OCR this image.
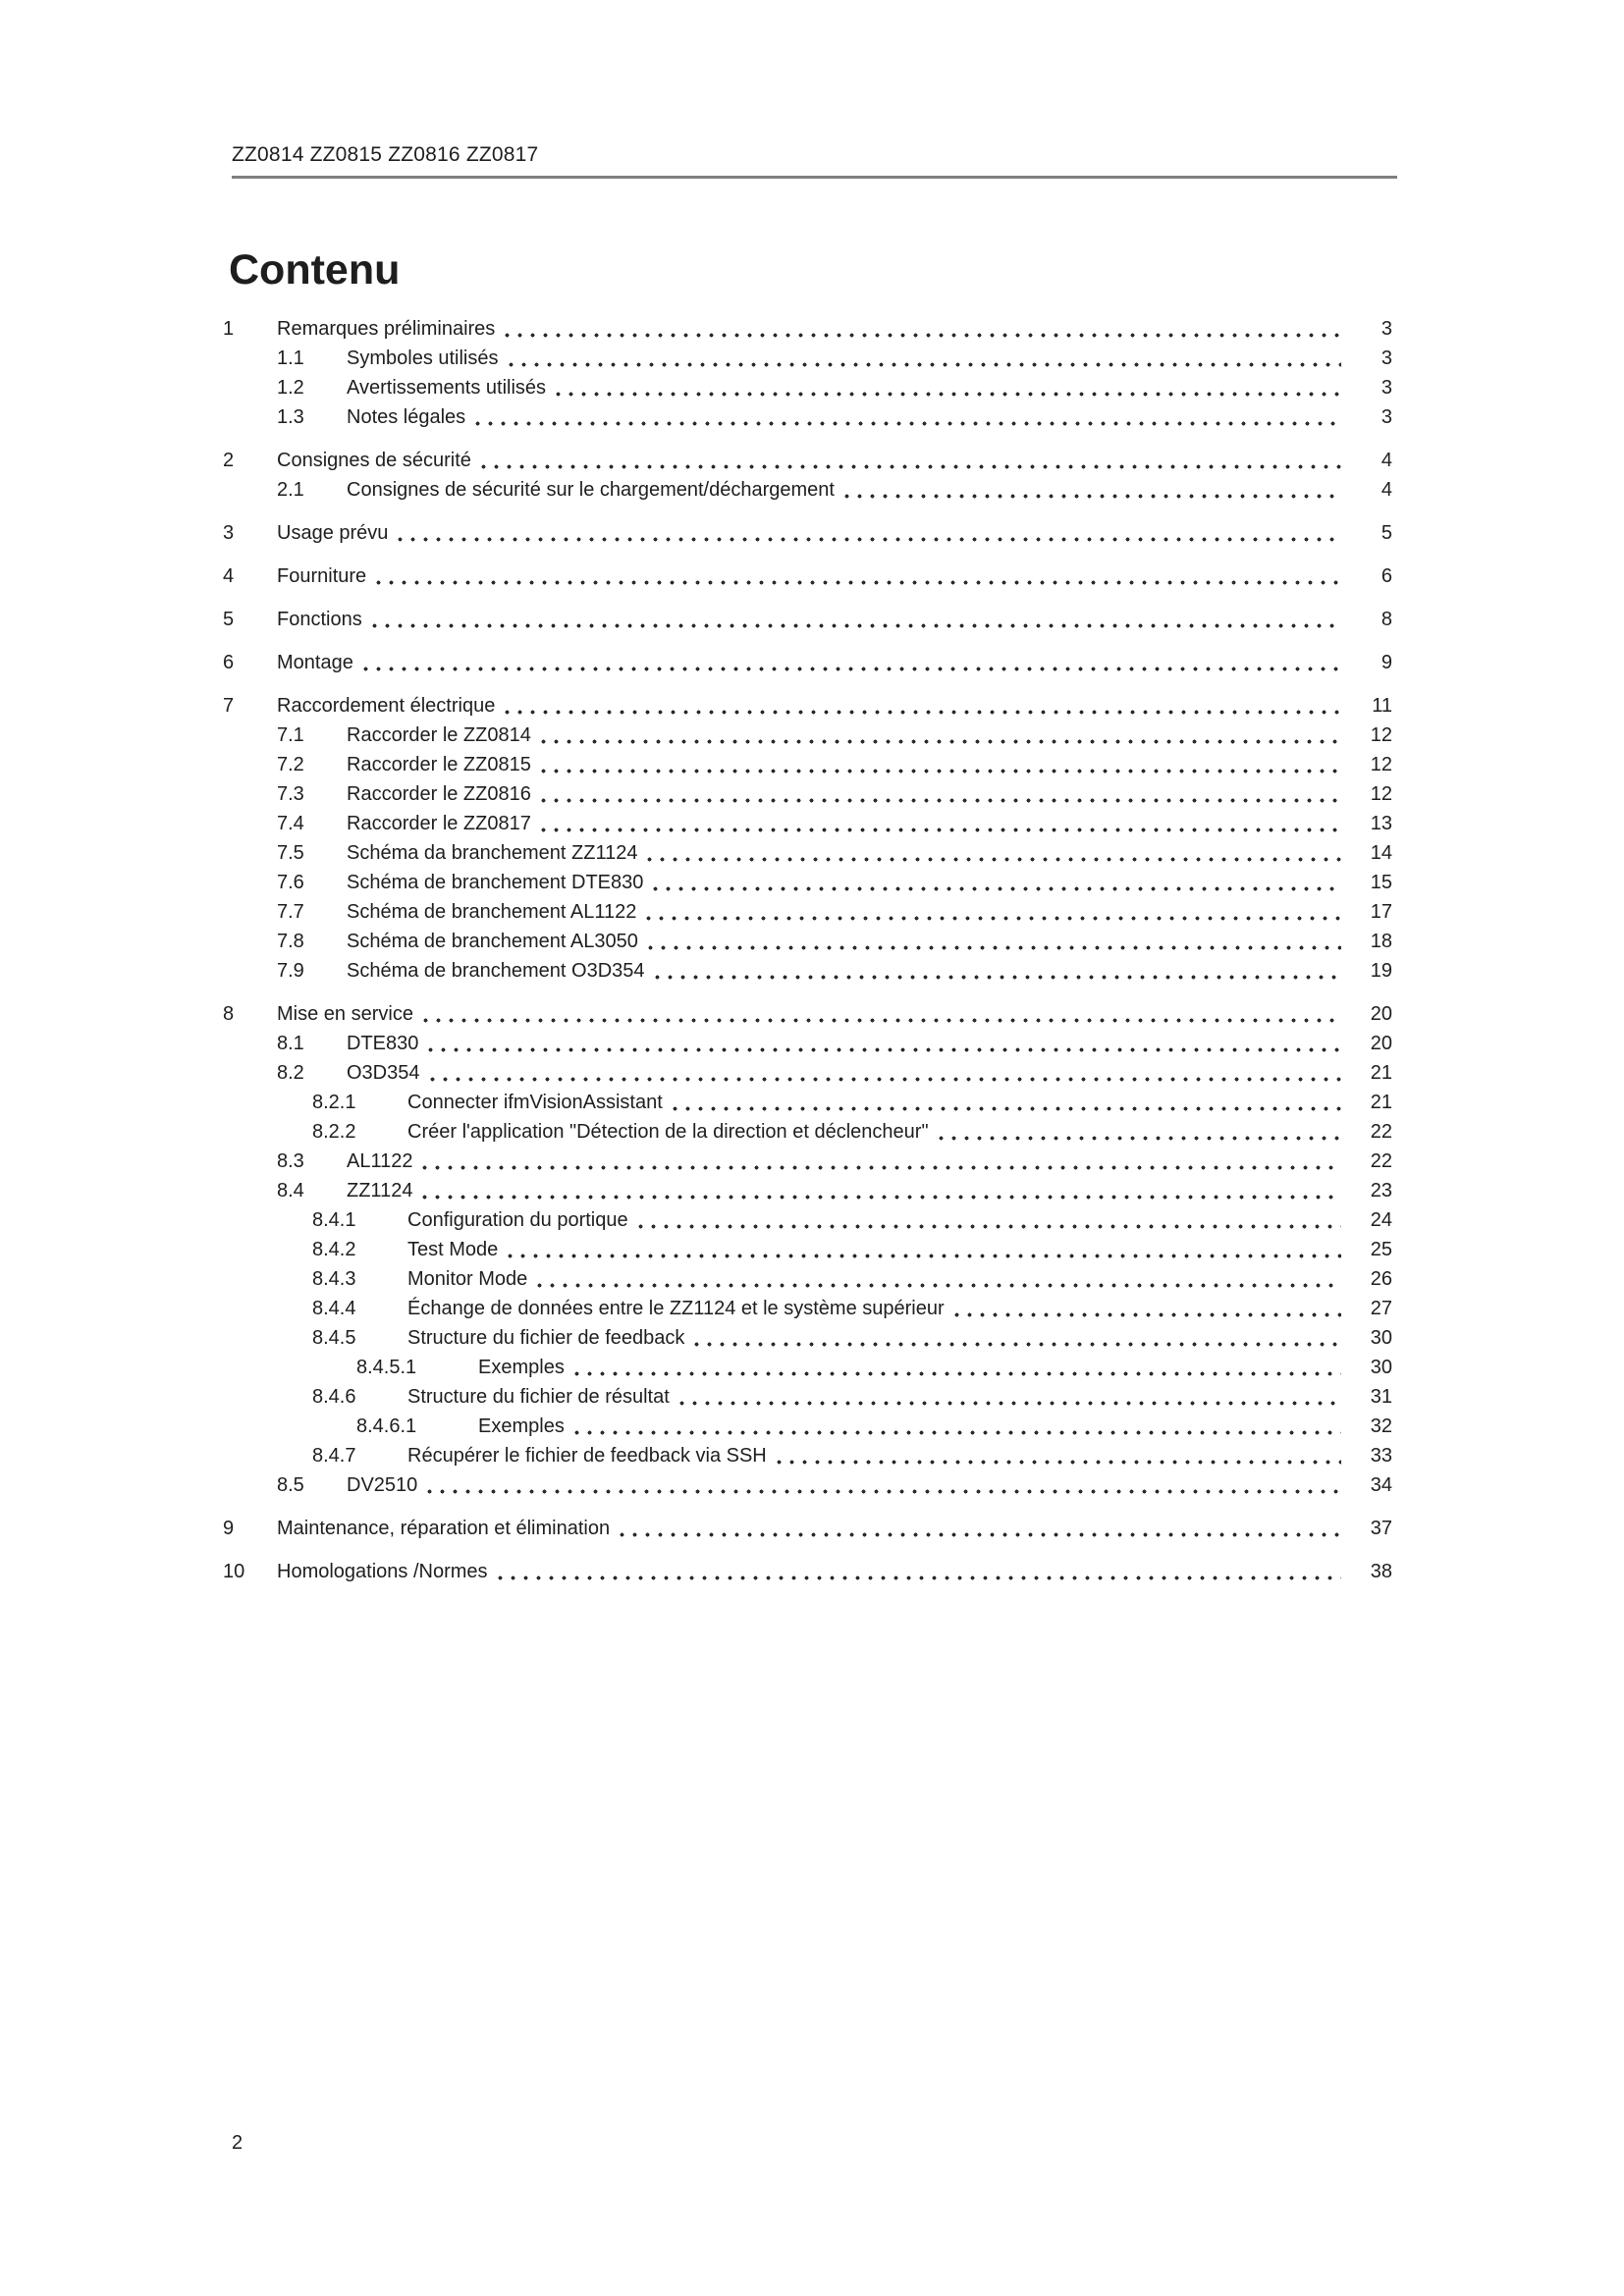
ZZ0814 ZZ0815 ZZ0816 ZZ0817
Contenu
1	Remarques préliminaires	3
1.1	Symboles utilisés	3
1.2	Avertissements utilisés	3
1.3	Notes légales	3
2	Consignes de sécurité	4
2.1	Consignes de sécurité sur le chargement/déchargement	4
3	Usage prévu	5
4	Fourniture	6
5	Fonctions	8
6	Montage	9
7	Raccordement électrique	11
7.1	Raccorder le ZZ0814	12
7.2	Raccorder le ZZ0815	12
7.3	Raccorder le ZZ0816	12
7.4	Raccorder le ZZ0817	13
7.5	Schéma da branchement ZZ1124	14
7.6	Schéma de branchement DTE830	15
7.7	Schéma de branchement AL1122	17
7.8	Schéma de branchement AL3050	18
7.9	Schéma de branchement O3D354	19
8	Mise en service	20
8.1	DTE830	20
8.2	O3D354	21
8.2.1	Connecter ifmVisionAssistant	21
8.2.2	Créer l'application "Détection de la direction et déclencheur"	22
8.3	AL1122	22
8.4	ZZ1124	23
8.4.1	Configuration du portique	24
8.4.2	Test Mode	25
8.4.3	Monitor Mode	26
8.4.4	Échange de données entre le ZZ1124 et le système supérieur	27
8.4.5	Structure du fichier de feedback	30
8.4.5.1	Exemples	30
8.4.6	Structure du fichier de résultat	31
8.4.6.1	Exemples	32
8.4.7	Récupérer le fichier de feedback via SSH	33
8.5	DV2510	34
9	Maintenance, réparation et élimination	37
10	Homologations /Normes	38
2
